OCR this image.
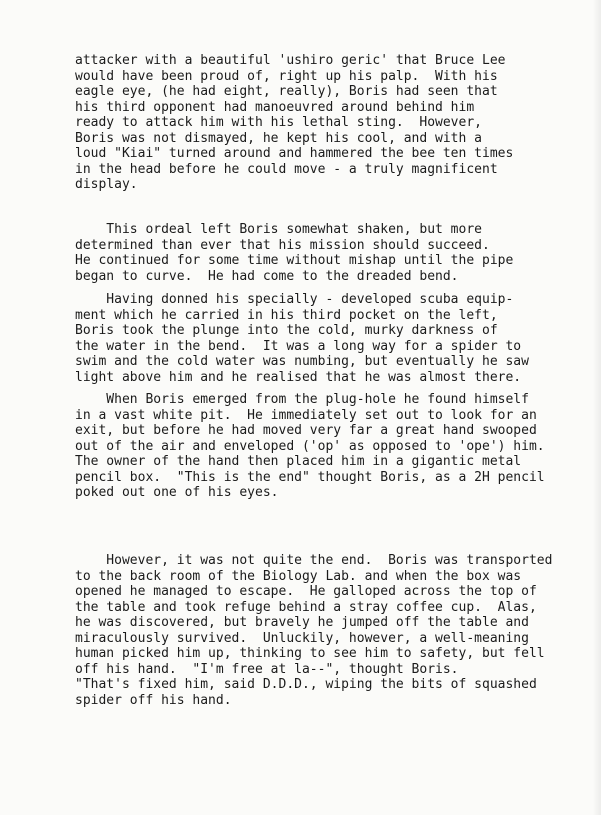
attacker with a beautiful 'ushiro geric' that Bruce Lee
would have been proud of, right up his palp.  With his
eagle eye, (he had eight, really), Boris had seen that
his third opponent had manoeuvred around behind him
ready to attack him with his lethal sting.  However,
Boris was not dismayed, he kept his cool, and with a
loud "Kiai" turned around and hammered the bee ten times
in the head before he could move - a truly magnificent
display.
This ordeal left Boris somewhat shaken, but more
determined than ever that his mission should succeed.
He continued for some time without mishap until the pipe
began to curve.  He had come to the dreaded bend.
Having donned his specially - developed scuba equip-
ment which he carried in his third pocket on the left,
Boris took the plunge into the cold, murky darkness of
the water in the bend.  It was a long way for a spider to
swim and the cold water was numbing, but eventually he saw
light above him and he realised that he was almost there.
When Boris emerged from the plug-hole he found himself
in a vast white pit.  He immediately set out to look for an
exit, but before he had moved very far a great hand swooped
out of the air and enveloped ('op' as opposed to 'ope') him.
The owner of the hand then placed him in a gigantic metal
pencil box.  "This is the end" thought Boris, as a 2H pencil
poked out one of his eyes.
However, it was not quite the end.  Boris was transported
to the back room of the Biology Lab. and when the box was
opened he managed to escape.  He galloped across the top of
the table and took refuge behind a stray coffee cup.  Alas,
he was discovered, but bravely he jumped off the table and
miraculously survived.  Unluckily, however, a well-meaning
human picked him up, thinking to see him to safety, but fell
off his hand.  "I'm free at la--", thought Boris.
"That's fixed him, said D.D.D., wiping the bits of squashed
spider off his hand.
